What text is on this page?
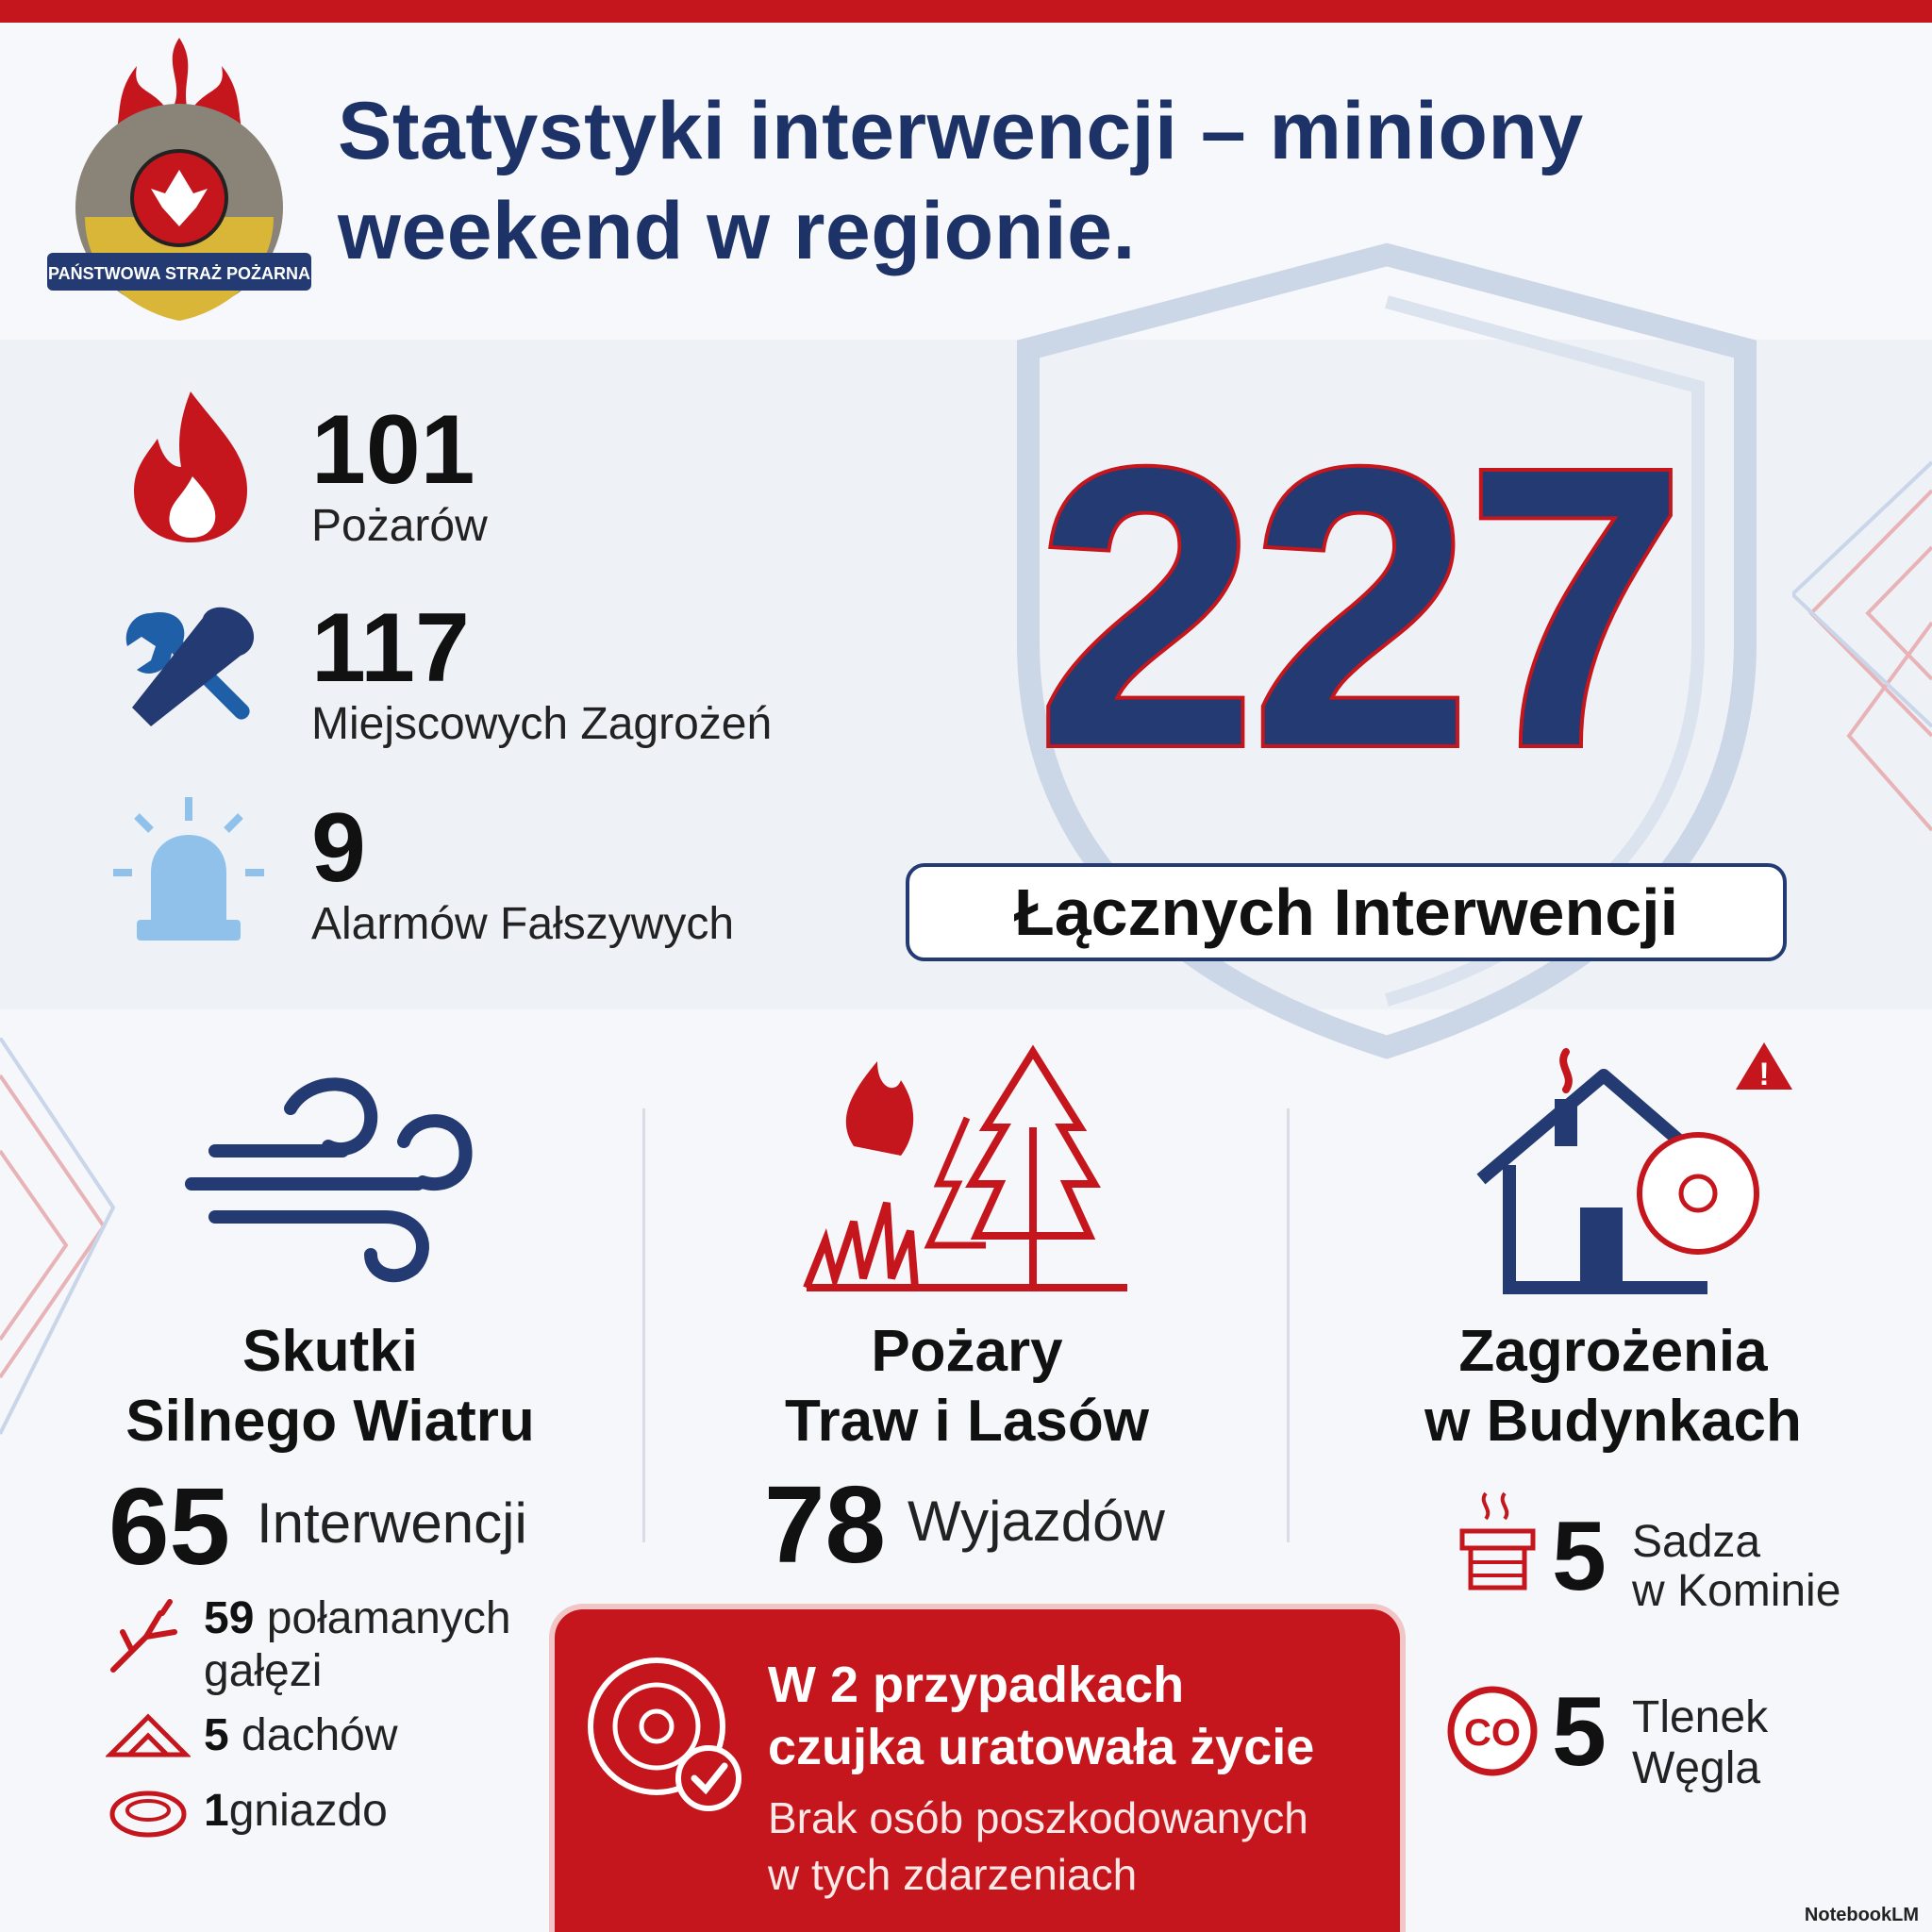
PAŃSTWOWA STRAŻ POŻARNA
Statystyki interwencji – miniony weekend w regionie.
101
Pożarów
117
Miejscowych Zagrożeń
9
Alarmów Fałszywych
227
Łącznych Interwencji
Skutki
Silnego Wiatru
65 Interwencji
59 połamanych
gałęzi
5 dachów
1gniazdo
Pożary
Traw i Lasów
78 Wyjazdów
!
Zagrożenia
w Budynkach
5 Sadza
w Kominie
CO 5 Tlenek
Węgla
W 2 przypadkach
czujka uratowała życie
Brak osób poszkodowanych
w tych zdarzeniach
NotebookLM
